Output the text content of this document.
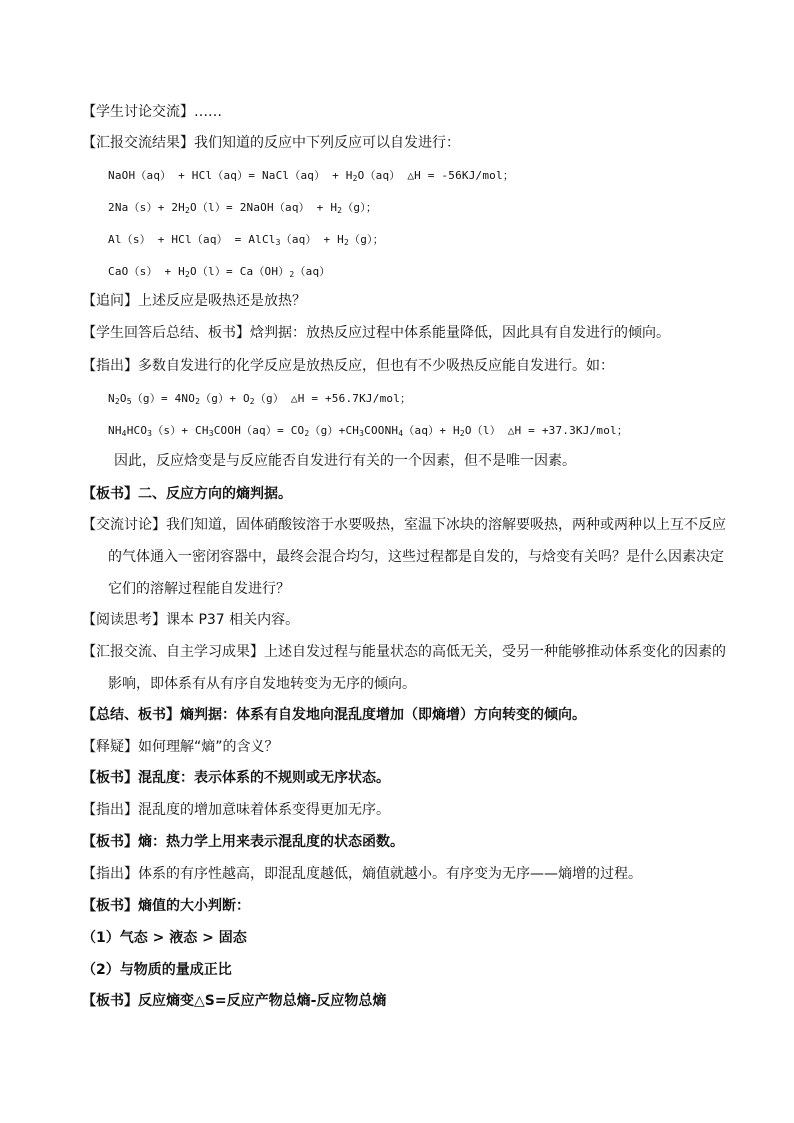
【学生讨论交流】……
【汇报交流结果】我们知道的反应中下列反应可以自发进行：
NaOH（aq） + HCl（aq）= NaCl（aq） + $H_2O(aq)$ △H = -56KJ/mol；
$2Na(s)+ 2H_2O(l)=$ 2NaOH（aq） + $H_2(g)$；
Al（s） + HCl（aq） = AlCl$_3$（aq） + $H_2(g)$；
$CaO(s) + H_2O(l)= Ca(OH)_2(aq)$
【追问】上述反应是吸热还是放热？
【学生回答后总结、板书】焓判据：放热反应过程中体系能量降低，因此具有自发进行的倾向。
【指出】多数自发进行的化学反应是放热反应，但也有不少吸热反应能自发进行。如：
$N_2O_5(g)= 4NO_2(g)+ O_2(g)$ △H = +56.7KJ/mol；
$NH_4HCO_3(s)+$ $CH_3COOH(aq)=$ $CO_2(g)+CH_3COONH_4(aq)+ H_2O(l)$ △H = +37.3KJ/mol；
因此，反应焓变是与反应能否自发进行有关的一个因素，但不是唯一因素。
【板书】二、反应方向的熵判据。
【交流讨论】我们知道，固体硝酸铵溶于水要吸热，室温下冰块的溶解要吸热，两种或两种以上互不反应
的气体通入一密闭容器中，最终会混合均匀，这些过程都是自发的，与焓变有关吗？是什么因素决定
它们的溶解过程能自发进行？
【阅读思考】课本 P37 相关内容。
【汇报交流、自主学习成果】上述自发过程与能量状态的高低无关，受另一种能够推动体系变化的因素的
影响，即体系有从有序自发地转变为无序的倾向。
【总结、板书】熵判据：体系有自发地向混乱度增加（即熵增）方向转变的倾向。
【释疑】如何理解“熵”的含义？
【板书】混乱度：表示体系的不规则或无序状态。
【指出】混乱度的增加意味着体系变得更加无序。
【板书】熵：热力学上用来表示混乱度的状态函数。
【指出】体系的有序性越高，即混乱度越低，熵值就越小。有序变为无序——熵增的过程。
【板书】熵值的大小判断：
（1）气态 > 液态 > 固态
（2）与物质的量成正比
【板书】反应熵变△S=反应产物总熵-反应物总熵
